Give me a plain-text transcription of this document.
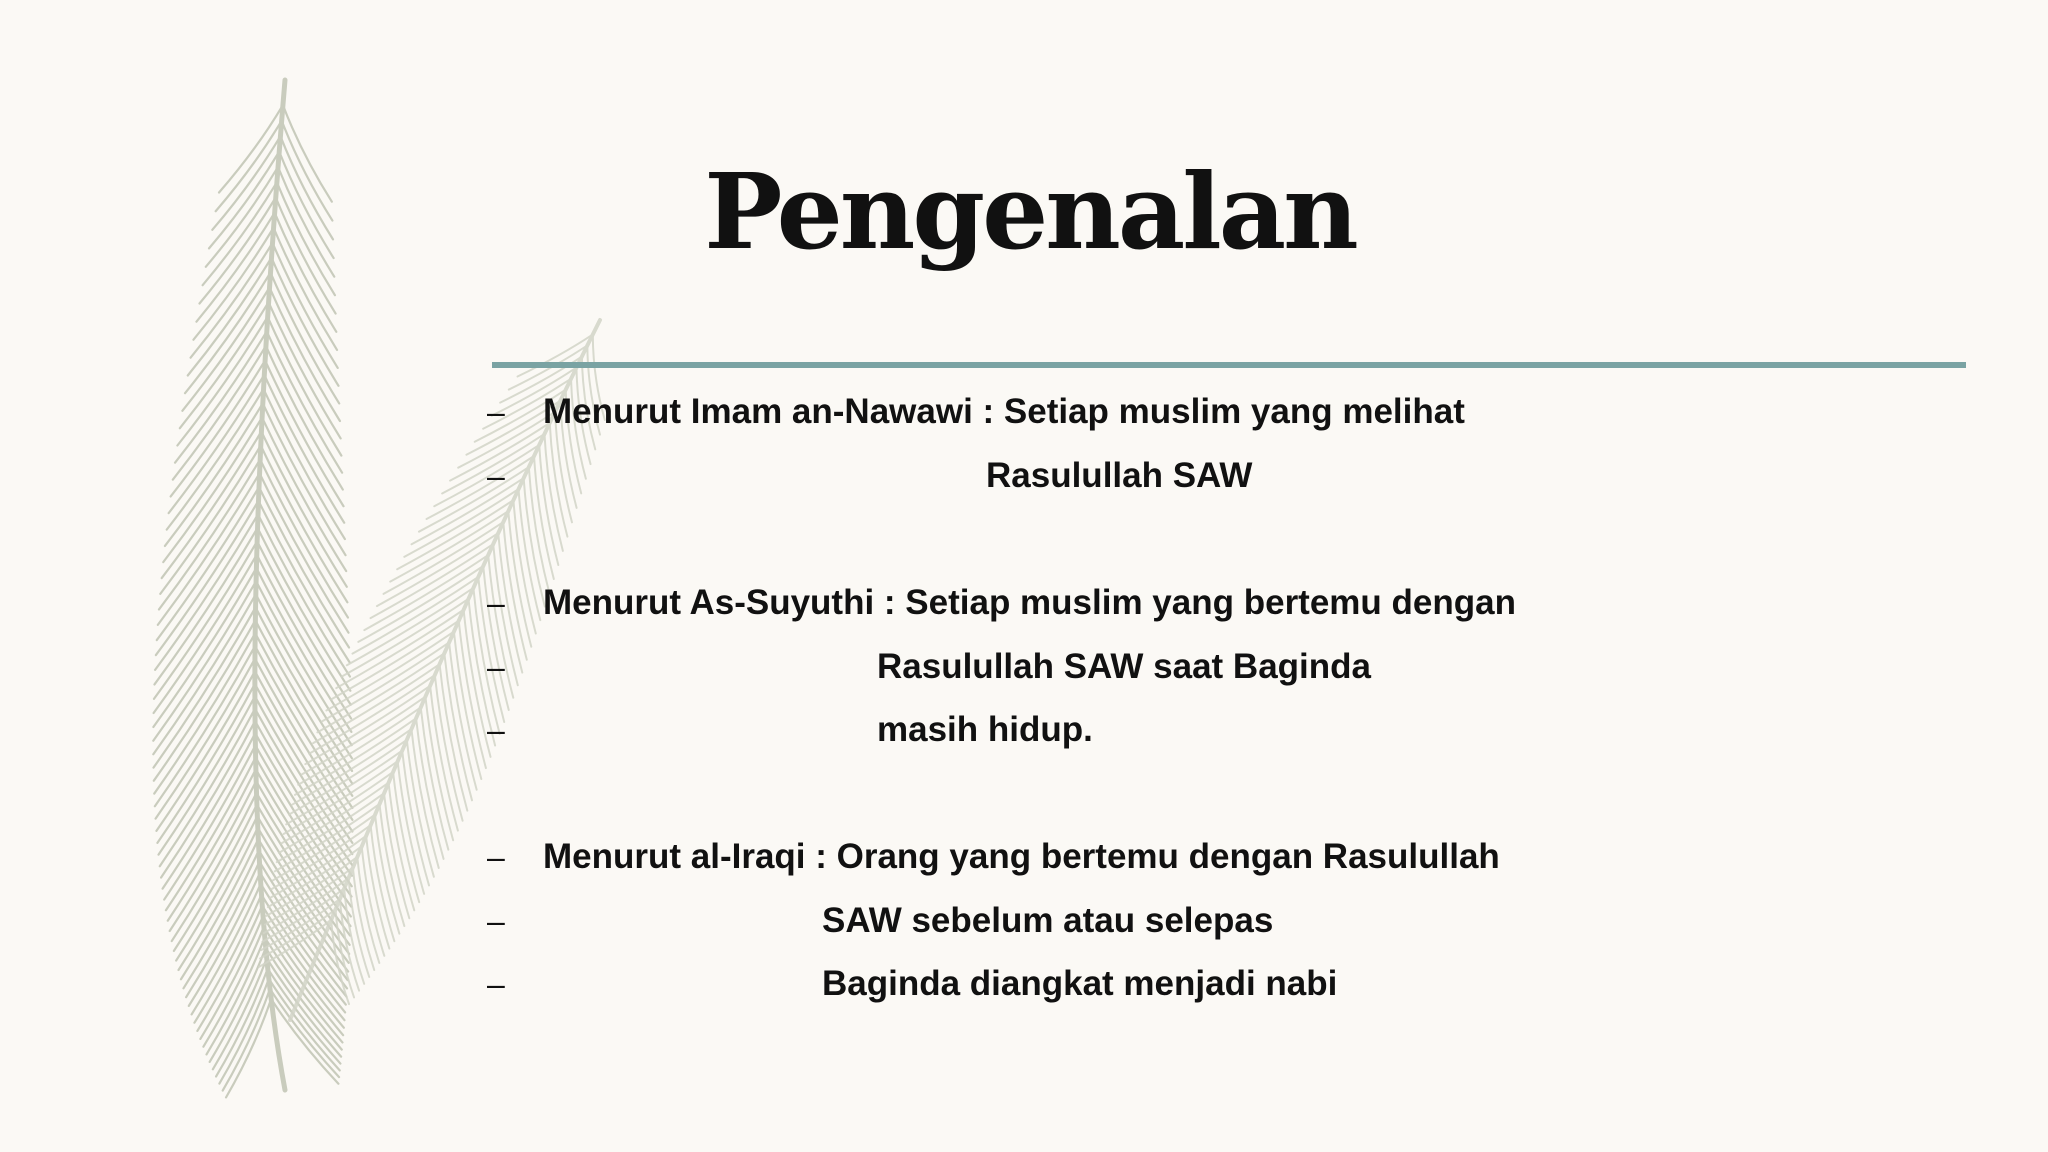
Pengenalan
– Menurut Imam an-Nawawi : Setiap muslim yang melihat
–	Rasulullah SAW
– Menurut As-Suyuthi : Setiap muslim yang bertemu dengan
–	Rasulullah SAW saat Baginda
–	masih hidup.
– Menurut al-Iraqi : Orang yang bertemu dengan Rasulullah
–	SAW sebelum atau selepas
–	Baginda diangkat menjadi nabi
